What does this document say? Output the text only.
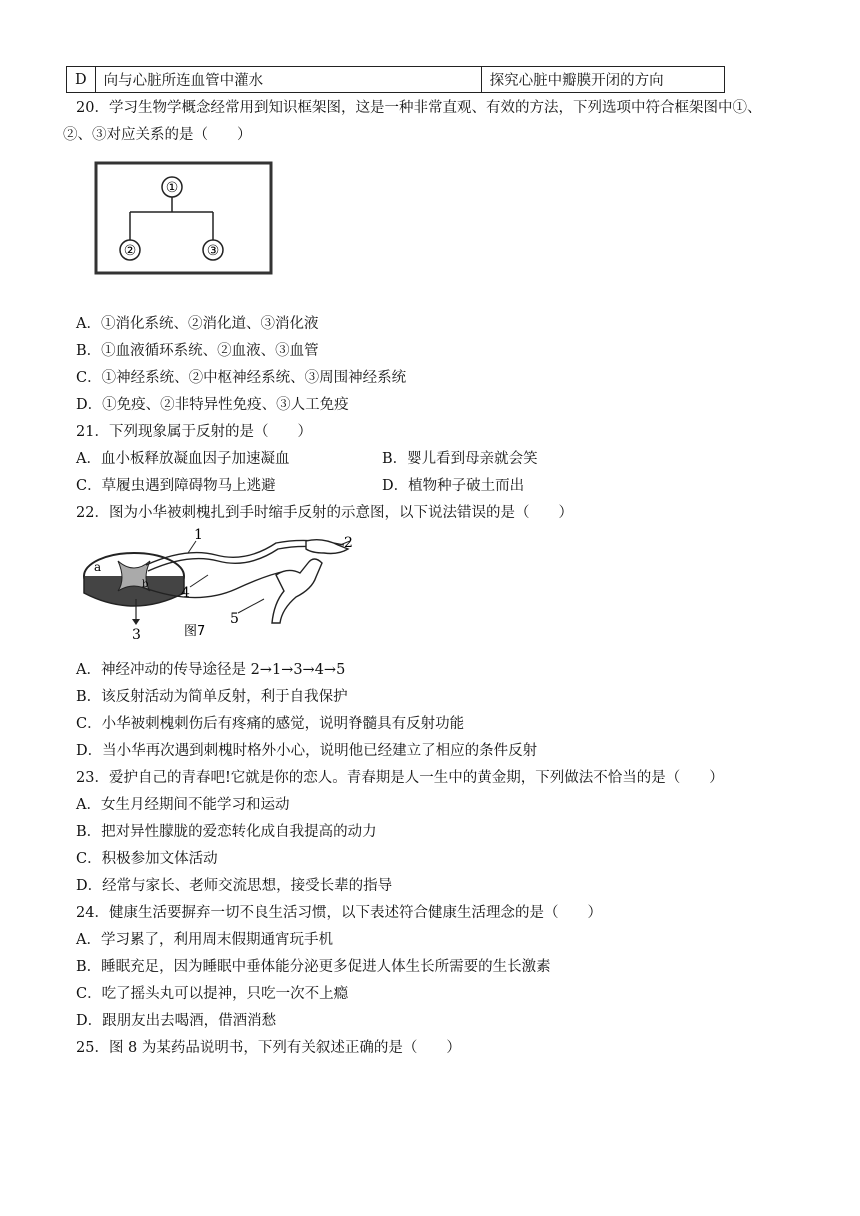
D	向与心脏所连血管中灌水	探究心脏中瓣膜开闭的方向
20．学习生物学概念经常用到知识框架图，这是一种非常直观、有效的方法，下列选项中符合框架图中①、
②、③对应关系的是（　　）
①
②	③
A．①消化系统、②消化道、③消化液
B．①血液循环系统、②血液、③血管
C．①神经系统、②中枢神经系统、③周围神经系统
D．①免疫、②非特异性免疫、③人工免疫
21．下列现象属于反射的是（　　）
A．血小板释放凝血因子加速凝血	B．婴儿看到母亲就会笑
C．草履虫遇到障碍物马上逃避	D．植物种子破土而出
22．图为小华被刺槐扎到手时缩手反射的示意图，以下说法错误的是（　　）
a
b
1	2
4
5
3	图7
A．神经冲动的传导途径是 2→1→3→4→5
B．该反射活动为简单反射，利于自我保护
C．小华被刺槐刺伤后有疼痛的感觉，说明脊髓具有反射功能
D．当小华再次遇到刺槐时格外小心，说明他已经建立了相应的条件反射
23．爱护自己的青春吧!它就是你的恋人。青春期是人一生中的黄金期，下列做法不恰当的是（　　）
A．女生月经期间不能学习和运动
B．把对异性朦胧的爱恋转化成自我提高的动力
C．积极参加文体活动
D．经常与家长、老师交流思想，接受长辈的指导
24．健康生活要摒弃一切不良生活习惯，以下表述符合健康生活理念的是（　　）
A．学习累了，利用周末假期通宵玩手机
B．睡眠充足，因为睡眠中垂体能分泌更多促进人体生长所需要的生长激素
C．吃了摇头丸可以提神，只吃一次不上瘾
D．跟朋友出去喝酒，借酒消愁
25．图 8 为某药品说明书，下列有关叙述正确的是（　　）
